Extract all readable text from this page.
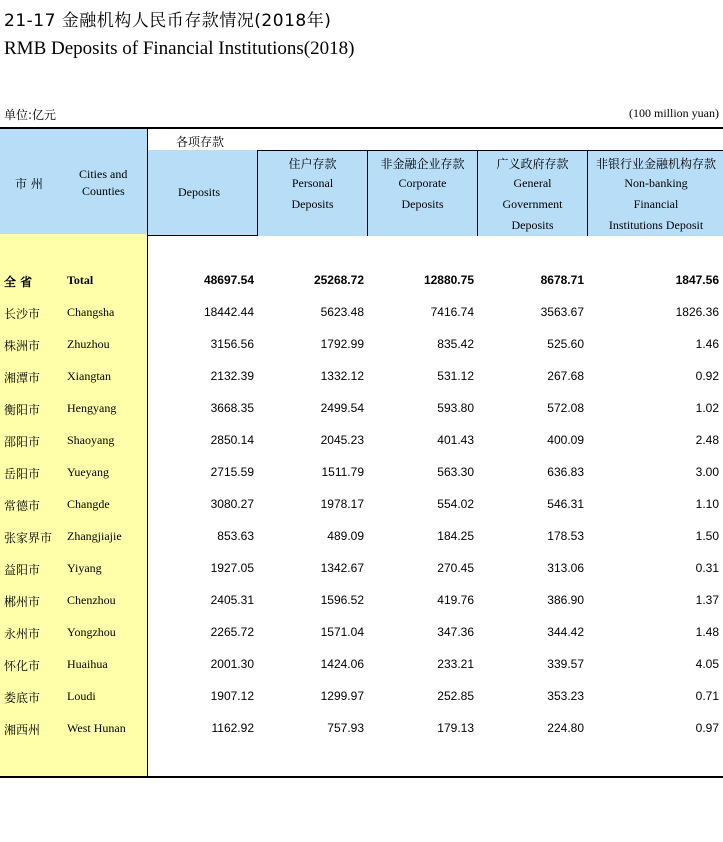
21-17 金融机构人民币存款情况(2018年)
RMB Deposits of Financial Institutions(2018)
单位:亿元	(100 million yuan)
市 州
Cities and
Counties
各项存款
Deposits
住户存款
Personal
Deposits
非金融企业存款
Corporate
Deposits
广义政府存款
General
Government
Deposits
非银行业金融机构存款
Non-banking
Financial
Institutions Deposit
全 省	Total	48697.54	25268.72	12880.75	8678.71	1847.56
长沙市 Changsha	18442.44	5623.48	7416.74	3563.67	1826.36
株洲市 Zhuzhou	3156.56	1792.99	835.42	525.60	1.46
湘潭市 Xiangtan	2132.39	1332.12	531.12	267.68	0.92
衡阳市 Hengyang	3668.35	2499.54	593.80	572.08	1.02
邵阳市 Shaoyang	2850.14	2045.23	401.43	400.09	2.48
岳阳市 Yueyang	2715.59	1511.79	563.30	636.83	3.00
常德市 Changde	3080.27	1978.17	554.02	546.31	1.10
张家界市 Zhangjiajie	853.63	489.09	184.25	178.53	1.50
益阳市 Yiyang	1927.05	1342.67	270.45	313.06	0.31
郴州市 Chenzhou	2405.31	1596.52	419.76	386.90	1.37
永州市 Yongzhou	2265.72	1571.04	347.36	344.42	1.48
怀化市 Huaihua	2001.30	1424.06	233.21	339.57	4.05
娄底市 Loudi	1907.12	1299.97	252.85	353.23	0.71
湘西州 West Hunan	1162.92	757.93	179.13	224.80	0.97
